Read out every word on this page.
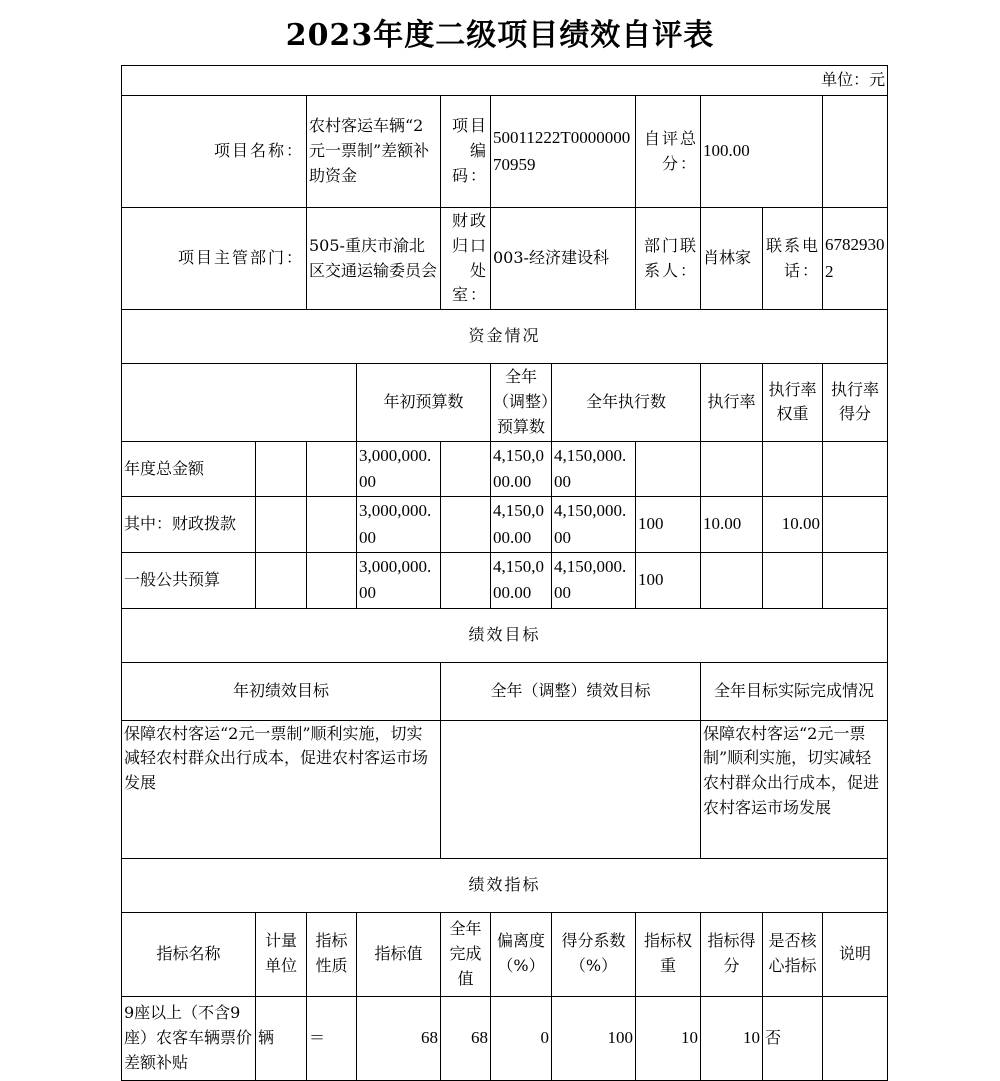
2023年度二级项目绩效自评表
单位：元										
项目名称：		农村客运车辆“2元一票制”差额补助资金		项目编码：	50011222T000000070959		自评总分：	100.00		
项目主管部门：		505-重庆市渝北区交通运输委员会		财政归口处室：	003-经济建设科		部门联系人：	肖林家	联系电话：	67829302
资金情况										
			年初预算数		全年（调整）预算数	全年执行数		执行率	执行率权重	执行率得分
年度总金额			3,000,000.00		4,150,000.00	4,150,000.00				
其中：财政拨款			3,000,000.00		4,150,000.00	4,150,000.00	100	10.00	10.00	
一般公共预算			3,000,000.00		4,150,000.00	4,150,000.00	100			
绩效目标										
年初绩效目标				全年（调整）绩效目标				全年目标实际完成情况		
保障农村客运“2元一票制”顺利实施，切实减轻农村群众出行成本，促进农村客运市场发展								保障农村客运“2元一票制”顺利实施，切实减轻农村群众出行成本，促进农村客运市场发展		
绩效指标										
指标名称	计量单位	指标性质	指标值	全年完成值	偏离度（%）	得分系数（%）	指标权重	指标得分	是否核心指标	说明
9座以上（不含9座）农客车辆票价差额补贴	辆	＝	68	68	0	100	10	10	否	
